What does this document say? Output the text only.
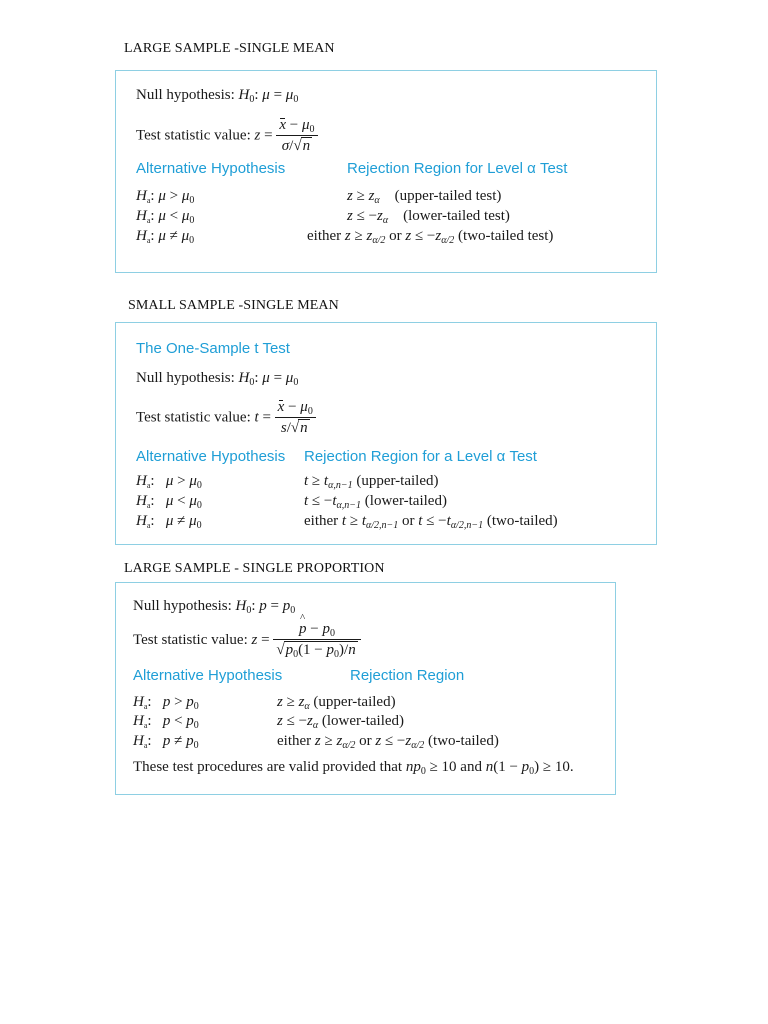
LARGE SAMPLE -SINGLE MEAN
Null hypothesis: $H_0$: $\mu = \mu_0$
Test statistic value: $z = \frac{x - \mu_0}{\sigma/√n}$
Alternative Hypothesis	Rejection Region for Level α Test
$H_a$: $\mu > \mu_0$	$z \ge z_\alpha$ (upper-tailed test)
$H_a$: $\mu < \mu_0$	$z \le -z_\alpha$ (lower-tailed test)
$H_a$: $\mu \ne \mu_0$	either $z \ge z_{\alpha/2}$ or $z \le -z_{\alpha/2}$ (two-tailed test)
SMALL SAMPLE -SINGLE MEAN
The One-Sample t Test
Null hypothesis: $H_0$: $\mu = \mu_0$
Test statistic value: $t = \frac{x - \mu_0}{s/√n}$
Alternative Hypothesis Rejection Region for a Level α Test
$H_a$:   $\mu > \mu_0$	$t \ge t_{\alpha,n-1}$ (upper-tailed)
$H_a$:   $\mu < \mu_0$	$t \le -t_{\alpha,n-1}$ (lower-tailed)
$H_a$:   $\mu \ne \mu_0$	either $t \ge t_{\alpha/2,n-1}$ or $t \le -t_{\alpha/2,n-1}$ (two-tailed)
LARGE SAMPLE - SINGLE PROPORTION
Null hypothesis: $H_0$: $p = p_0$
Test statistic value: z =
^ $\frac{p - p_0}{√p_0(1 - p_0)/n}$
Alternative Hypothesis	Rejection Region
$H_a$:   $p > p_0$	$z \ge z_\alpha$ (upper-tailed)
$H_a$:   $p < p_0$	$z \le -z_\alpha$ (lower-tailed)
$H_a$:   $p \ne p_0$	either $z \ge z_{\alpha/2}$ or $z \le -z_{\alpha/2}$ (two-tailed)
These test procedures are valid provided that $np_0 \ge 10$ and $n(1 - p_0) \ge 10$.
